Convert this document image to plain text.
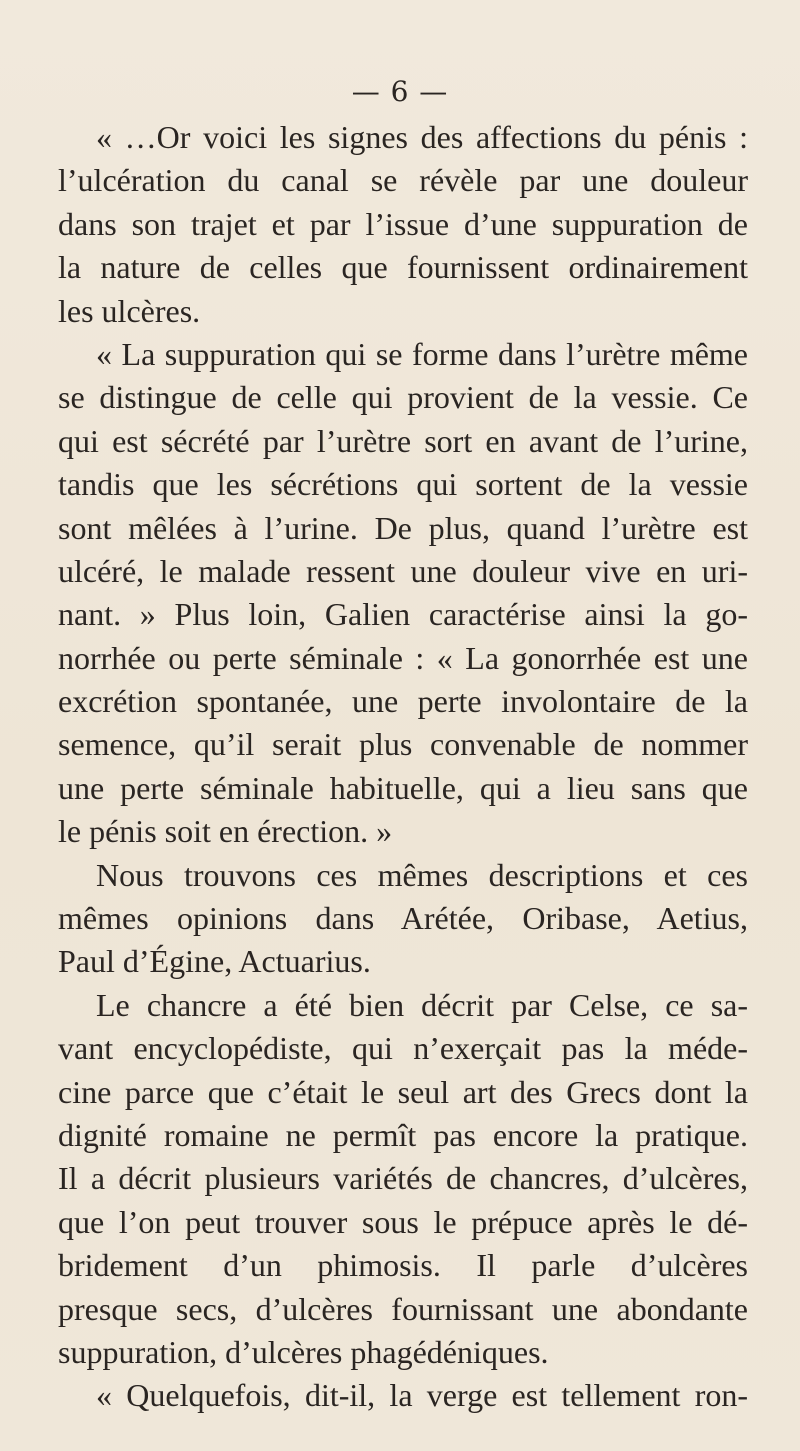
— 6 —
« …Or voici les signes des affections du pénis :
l’ulcération du canal se révèle par une douleur
dans son trajet et par l’issue d’une suppuration de
la nature de celles que fournissent ordinairement
les ulcères.
« La suppuration qui se forme dans l’urètre même
se distingue de celle qui provient de la vessie. Ce
qui est sécrété par l’urètre sort en avant de l’urine,
tandis que les sécrétions qui sortent de la vessie
sont mêlées à l’urine. De plus, quand l’urètre est
ulcéré, le malade ressent une douleur vive en uri-
nant. » Plus loin, Galien caractérise ainsi la go-
norrhée ou perte séminale : « La gonorrhée est une
excrétion spontanée, une perte involontaire de la
semence, qu’il serait plus convenable de nommer
une perte séminale habituelle, qui a lieu sans que
le pénis soit en érection. »
Nous trouvons ces mêmes descriptions et ces
mêmes opinions dans Arétée, Oribase, Aetius,
Paul d’Égine, Actuarius.
Le chancre a été bien décrit par Celse, ce sa-
vant encyclopédiste, qui n’exerçait pas la méde-
cine parce que c’était le seul art des Grecs dont la
dignité romaine ne permît pas encore la pratique.
Il a décrit plusieurs variétés de chancres, d’ulcères,
que l’on peut trouver sous le prépuce après le dé-
bridement d’un phimosis. Il parle d’ulcères
presque secs, d’ulcères fournissant une abondante
suppuration, d’ulcères phagédéniques.
« Quelquefois, dit-il, la verge est tellement ron-
